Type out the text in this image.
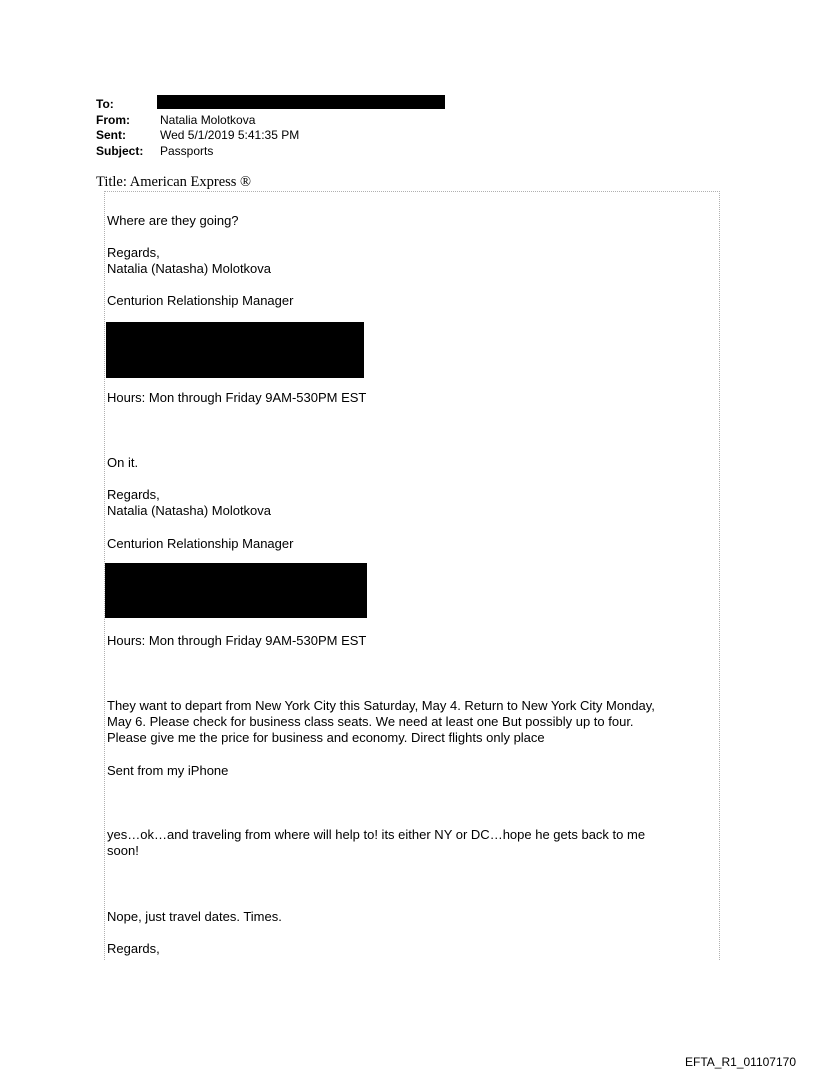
To:
From:	Natalia Molotkova
Sent:	Wed 5/1/2019 5:41:35 PM
Subject:	Passports
Title: American Express ®
Where are they going?
Regards,
Natalia (Natasha) Molotkova
Centurion Relationship Manager
Hours: Mon through Friday 9AM-530PM EST
On it.
Regards,
Natalia (Natasha) Molotkova
Centurion Relationship Manager
Hours: Mon through Friday 9AM-530PM EST
They want to depart from New York City this Saturday, May 4. Return to New York City Monday,
May 6. Please check for business class seats. We need at least one But possibly up to four.
Please give me the price for business and economy. Direct flights only place
Sent from my iPhone
yes…ok…and traveling from where will help to! its either NY or DC…hope he gets back to me
soon!
Nope, just travel dates. Times.
Regards,
EFTA_R1_01107170
